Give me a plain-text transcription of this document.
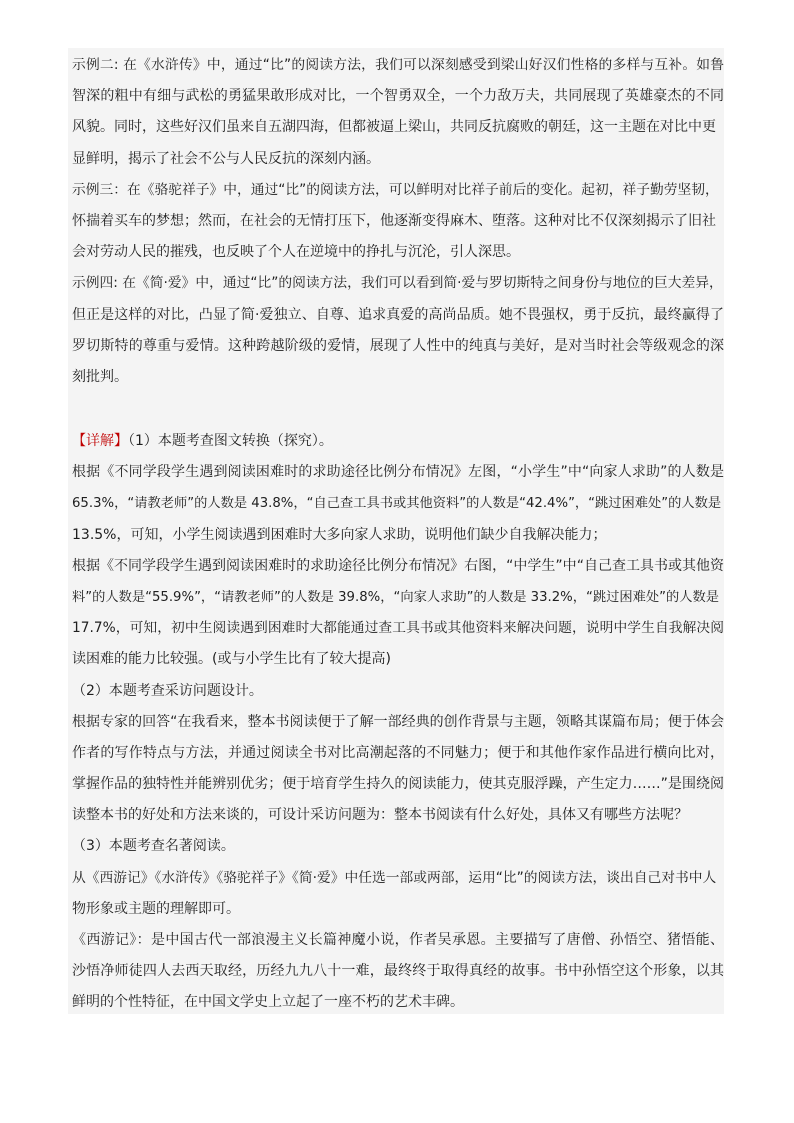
示例二: 在《水浒传》中，通过“比”的阅读方法，我们可以深刻感受到梁山好汉们性格的多样与互补。如鲁
智深的粗中有细与武松的勇猛果敢形成对比，一个智勇双全，一个力敌万夫，共同展现了英雄豪杰的不同
风貌。同时，这些好汉们虽来自五湖四海，但都被逼上梁山，共同反抗腐败的朝廷，这一主题在对比中更
显鲜明，揭示了社会不公与人民反抗的深刻内涵。
示例三：在《骆驼祥子》中，通过“比”的阅读方法，可以鲜明对比祥子前后的变化。起初，祥子勤劳坚韧，
怀揣着买车的梦想；然而，在社会的无情打压下，他逐渐变得麻木、堕落。这种对比不仅深刻揭示了旧社
会对劳动人民的摧残，也反映了个人在逆境中的挣扎与沉沦，引人深思。
示例四: 在《简·爱》中，通过“比”的阅读方法，我们可以看到简·爱与罗切斯特之间身份与地位的巨大差异，
但正是这样的对比，凸显了简·爱独立、自尊、追求真爱的高尚品质。她不畏强权，勇于反抗，最终赢得了
罗切斯特的尊重与爱情。这种跨越阶级的爱情，展现了人性中的纯真与美好，是对当时社会等级观念的深
刻批判。
【详解】（1）本题考查图文转换（探究）。
根据《不同学段学生遇到阅读困难时的求助途径比例分布情况》左图，“小学生”中“向家人求助”的人数是
65.3%，“请教老师”的人数是 43.8%，“自己查工具书或其他资料”的人数是“42.4%”，“跳过困难处”的人数是
13.5%，可知，小学生阅读遇到困难时大多向家人求助，说明他们缺少自我解决能力；
根据《不同学段学生遇到阅读困难时的求助途径比例分布情况》右图，“中学生”中“自己查工具书或其他资
料”的人数是“55.9%”，“请教老师”的人数是 39.8%，“向家人求助”的人数是 33.2%，“跳过困难处”的人数是
17.7%，可知，初中生阅读遇到困难时大都能通过查工具书或其他资料来解决问题，说明中学生自我解决阅
读困难的能力比较强。(或与小学生比有了较大提高)
（2）本题考查采访问题设计。
根据专家的回答“在我看来，整本书阅读便于了解一部经典的创作背景与主题，领略其谋篇布局；便于体会
作者的写作特点与方法，并通过阅读全书对比高潮起落的不同魅力；便于和其他作家作品进行横向比对，
掌握作品的独特性并能辨别优劣；便于培育学生持久的阅读能力，使其克服浮躁，产生定力……”是围绕阅
读整本书的好处和方法来谈的，可设计采访问题为：整本书阅读有什么好处，具体又有哪些方法呢？
（3）本题考查名著阅读。
从《西游记》《水浒传》《骆驼祥子》《简·爱》中任选一部或两部，运用“比”的阅读方法，谈出自己对书中人
物形象或主题的理解即可。
《西游记》：是中国古代一部浪漫主义长篇神魔小说，作者吴承恩。主要描写了唐僧、孙悟空、猪悟能、
沙悟净师徒四人去西天取经，历经九九八十一难，最终终于取得真经的故事。书中孙悟空这个形象，以其
鲜明的个性特征，在中国文学史上立起了一座不朽的艺术丰碑。
